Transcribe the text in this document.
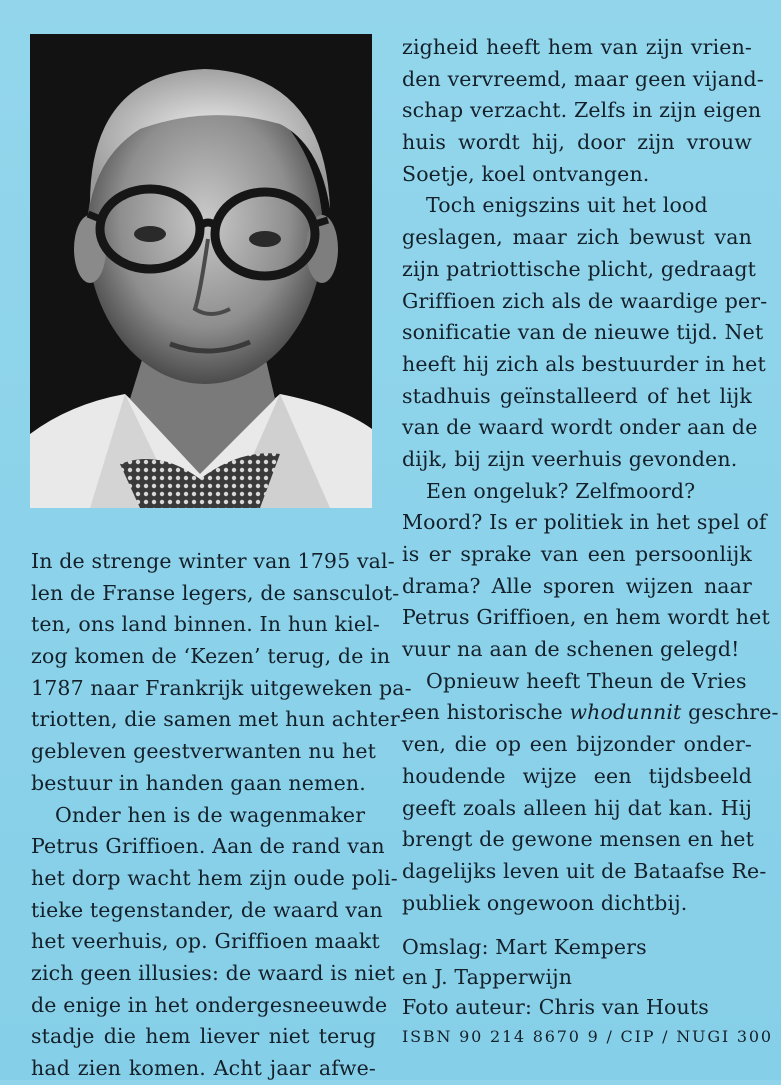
In de strenge winter van 1795 val-
len de Franse legers, de sansculot-
ten, ons land binnen. In hun kiel-
zog komen de ‘Kezen’ terug, de in
1787 naar Frankrijk uitgeweken pa-
triotten, die samen met hun achter-
gebleven geestverwanten nu het
bestuur in handen gaan nemen.
Onder hen is de wagenmaker
Petrus Griffioen. Aan de rand van
het dorp wacht hem zijn oude poli-
tieke tegenstander, de waard van
het veerhuis, op. Griffioen maakt
zich geen illusies: de waard is niet
de enige in het ondergesneeuwde
stadje die hem liever niet terug
had zien komen. Acht jaar afwe-
zigheid heeft hem van zijn vrien-
den vervreemd, maar geen vijand-
schap verzacht. Zelfs in zijn eigen
huis wordt hij, door zijn vrouw
Soetje, koel ontvangen.
Toch enigszins uit het lood
geslagen, maar zich bewust van
zijn patriottische plicht, gedraagt
Griffioen zich als de waardige per-
sonificatie van de nieuwe tijd. Net
heeft hij zich als bestuurder in het
stadhuis geïnstalleerd of het lijk
van de waard wordt onder aan de
dijk, bij zijn veerhuis gevonden.
Een ongeluk? Zelfmoord?
Moord? Is er politiek in het spel of
is er sprake van een persoonlijk
drama? Alle sporen wijzen naar
Petrus Griffioen, en hem wordt het
vuur na aan de schenen gelegd!
Opnieuw heeft Theun de Vries
een historische whodunnit geschre-
ven, die op een bijzonder onder-
houdende wijze een tijdsbeeld
geeft zoals alleen hij dat kan. Hij
brengt de gewone mensen en het
dagelijks leven uit de Bataafse Re-
publiek ongewoon dichtbij.
Omslag: Mart Kempers
en J. Tapperwijn
Foto auteur: Chris van Houts
ISBN 90 214 8670 9 / CIP / NUGI 300
